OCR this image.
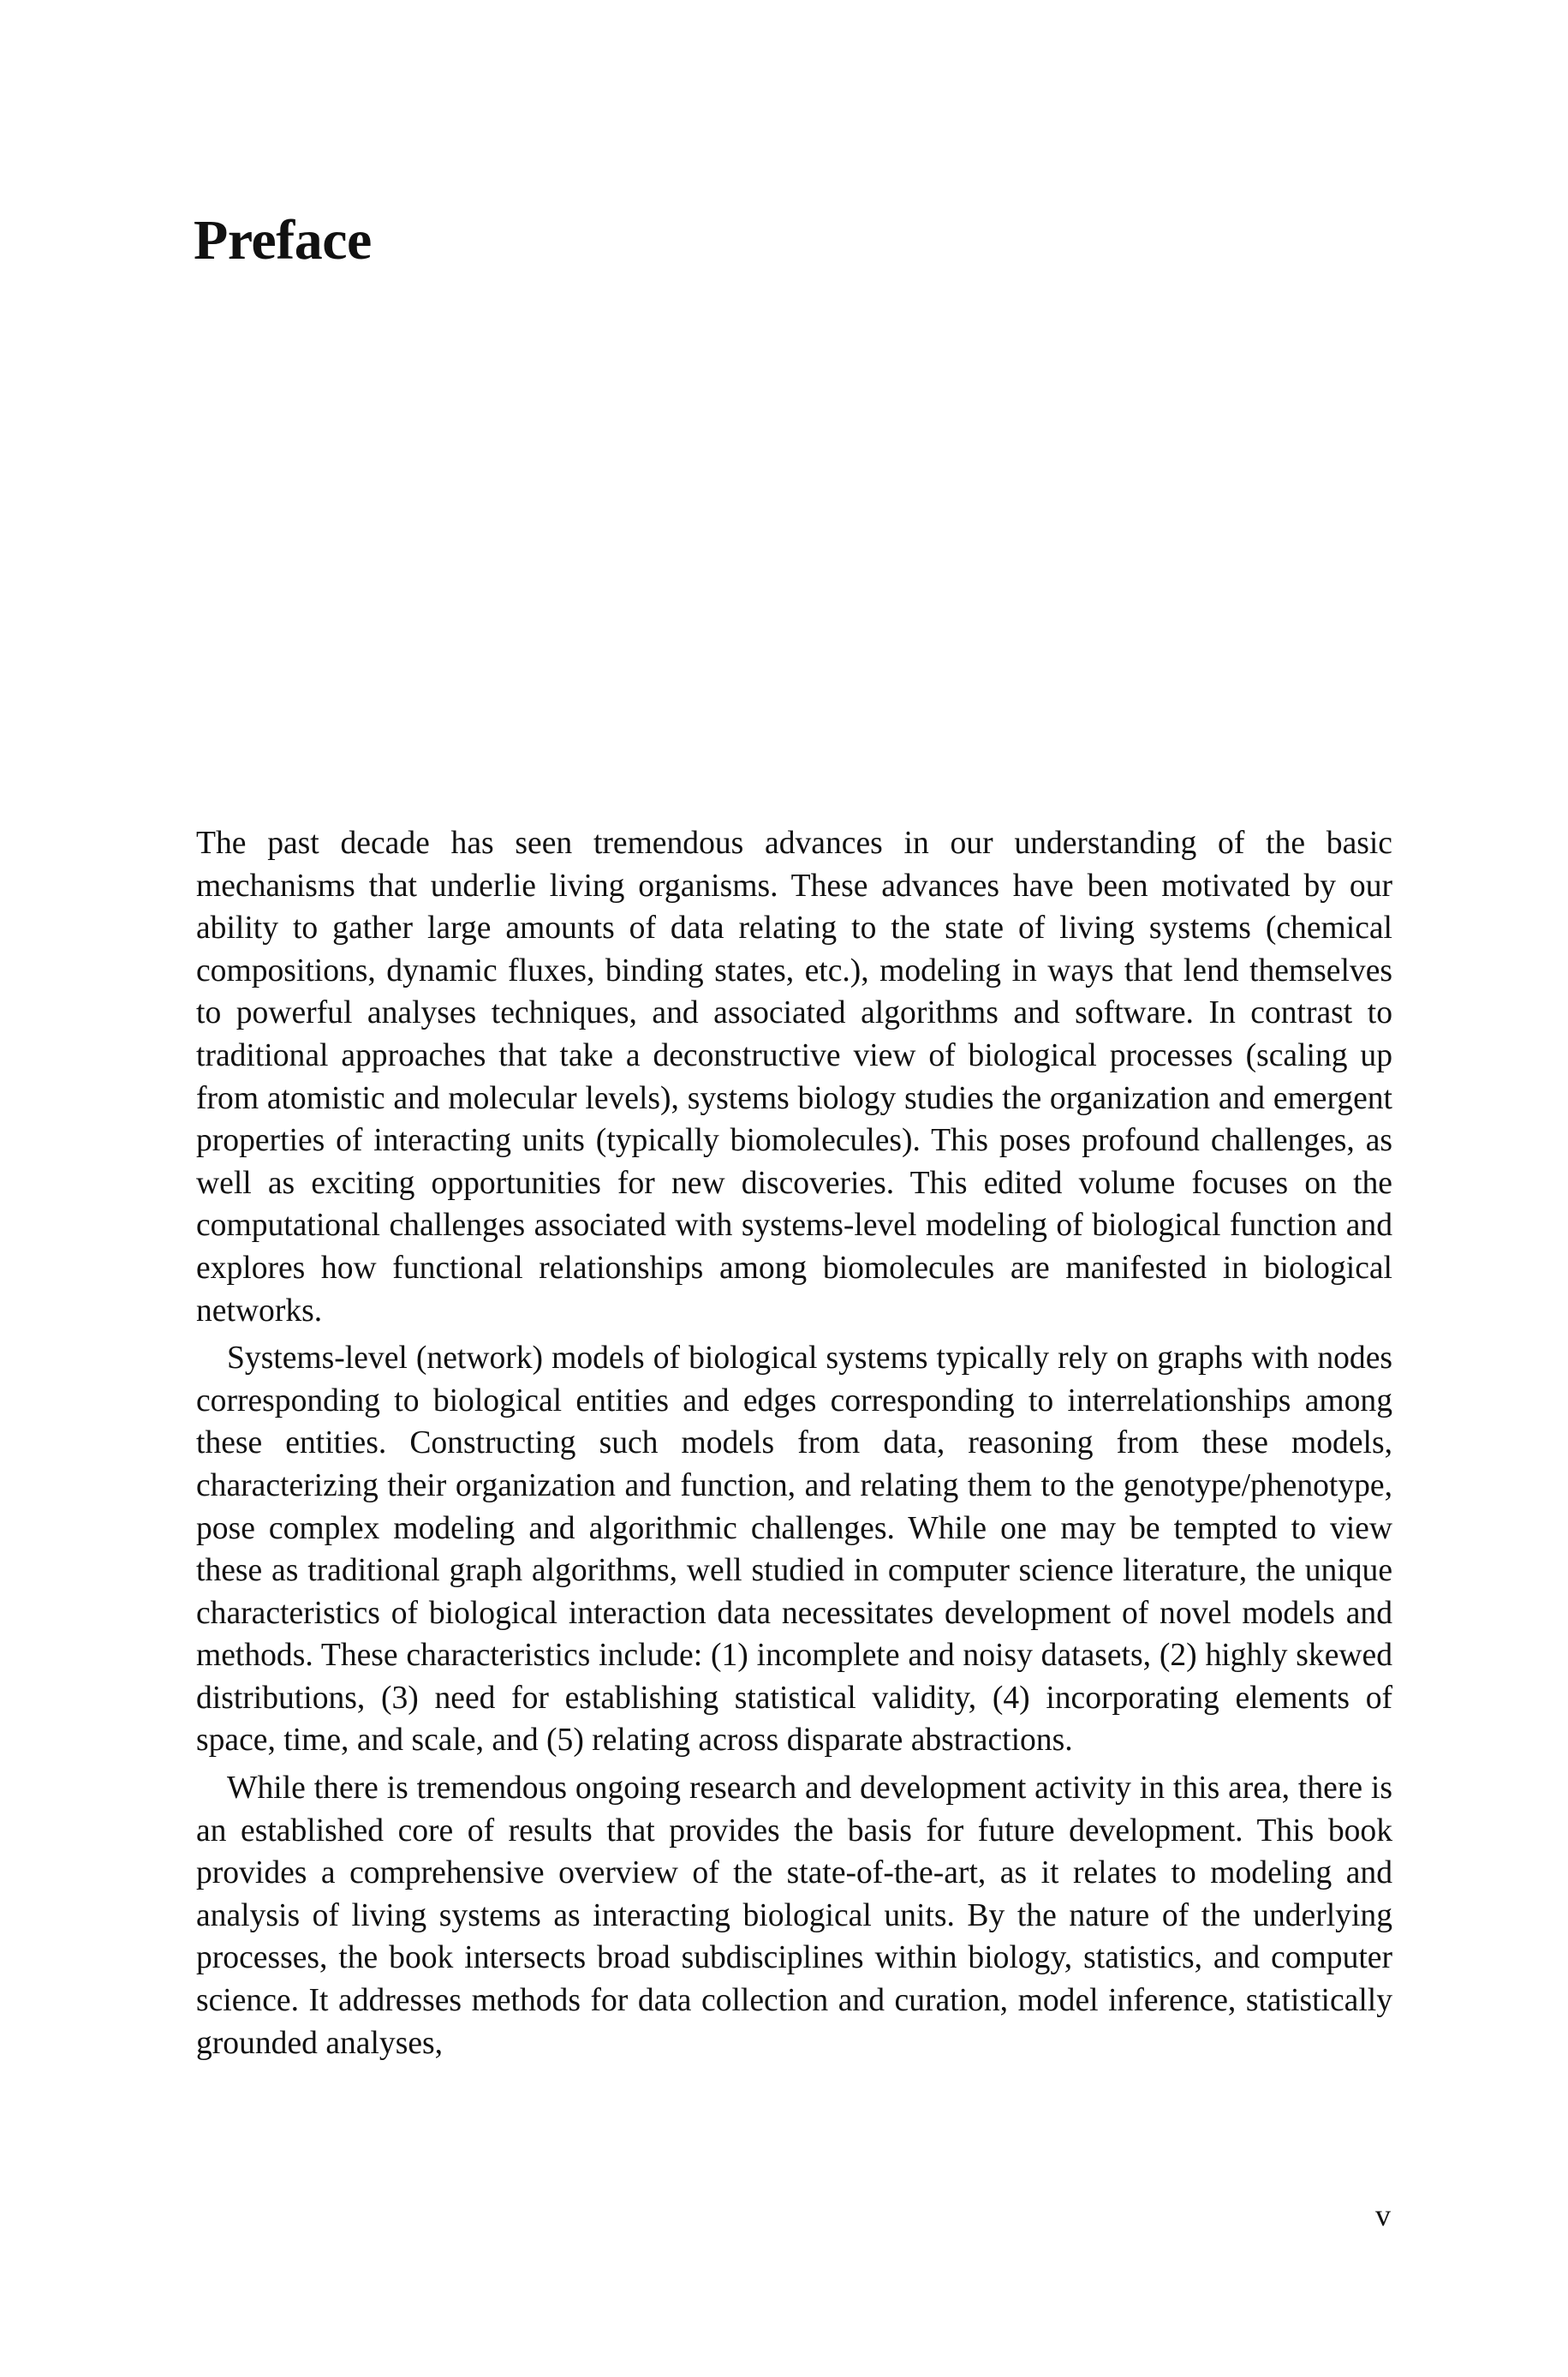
Preface

The past decade has seen tremendous advances in our understanding of the basic mechanisms that underlie living organisms. These advances have been motivated by our ability to gather large amounts of data relating to the state of living systems (chemical compositions, dynamic fluxes, binding states, etc.), modeling in ways that lend themselves to powerful analyses techniques, and associated algorithms and software. In contrast to traditional approaches that take a deconstructive view of biological processes (scaling up from atomistic and molecular levels), systems biology studies the organization and emergent properties of interacting units (typically biomolecules). This poses profound challenges, as well as exciting opportunities for new discoveries. This edited volume focuses on the computational challenges associated with systems-level modeling of biological function and explores how functional relationships among biomolecules are manifested in biological networks.

Systems-level (network) models of biological systems typically rely on graphs with nodes corresponding to biological entities and edges corresponding to interrelationships among these entities. Constructing such models from data, reasoning from these models, characterizing their organization and function, and relating them to the genotype/phenotype, pose complex modeling and algorithmic challenges. While one may be tempted to view these as traditional graph algorithms, well studied in computer science literature, the unique characteristics of biological interaction data necessitates development of novel models and methods. These characteristics include: (1) incomplete and noisy datasets, (2) highly skewed distributions, (3) need for establishing statistical validity, (4) incorporating elements of space, time, and scale, and (5) relating across disparate abstractions.

While there is tremendous ongoing research and development activity in this area, there is an established core of results that provides the basis for future development. This book provides a comprehensive overview of the state-of-the-art, as it relates to modeling and analysis of living systems as interacting biological units. By the nature of the underlying processes, the book intersects broad subdisciplines within biology, statistics, and computer science. It addresses methods for data collection and curation, model inference, statistically grounded analyses,

v
